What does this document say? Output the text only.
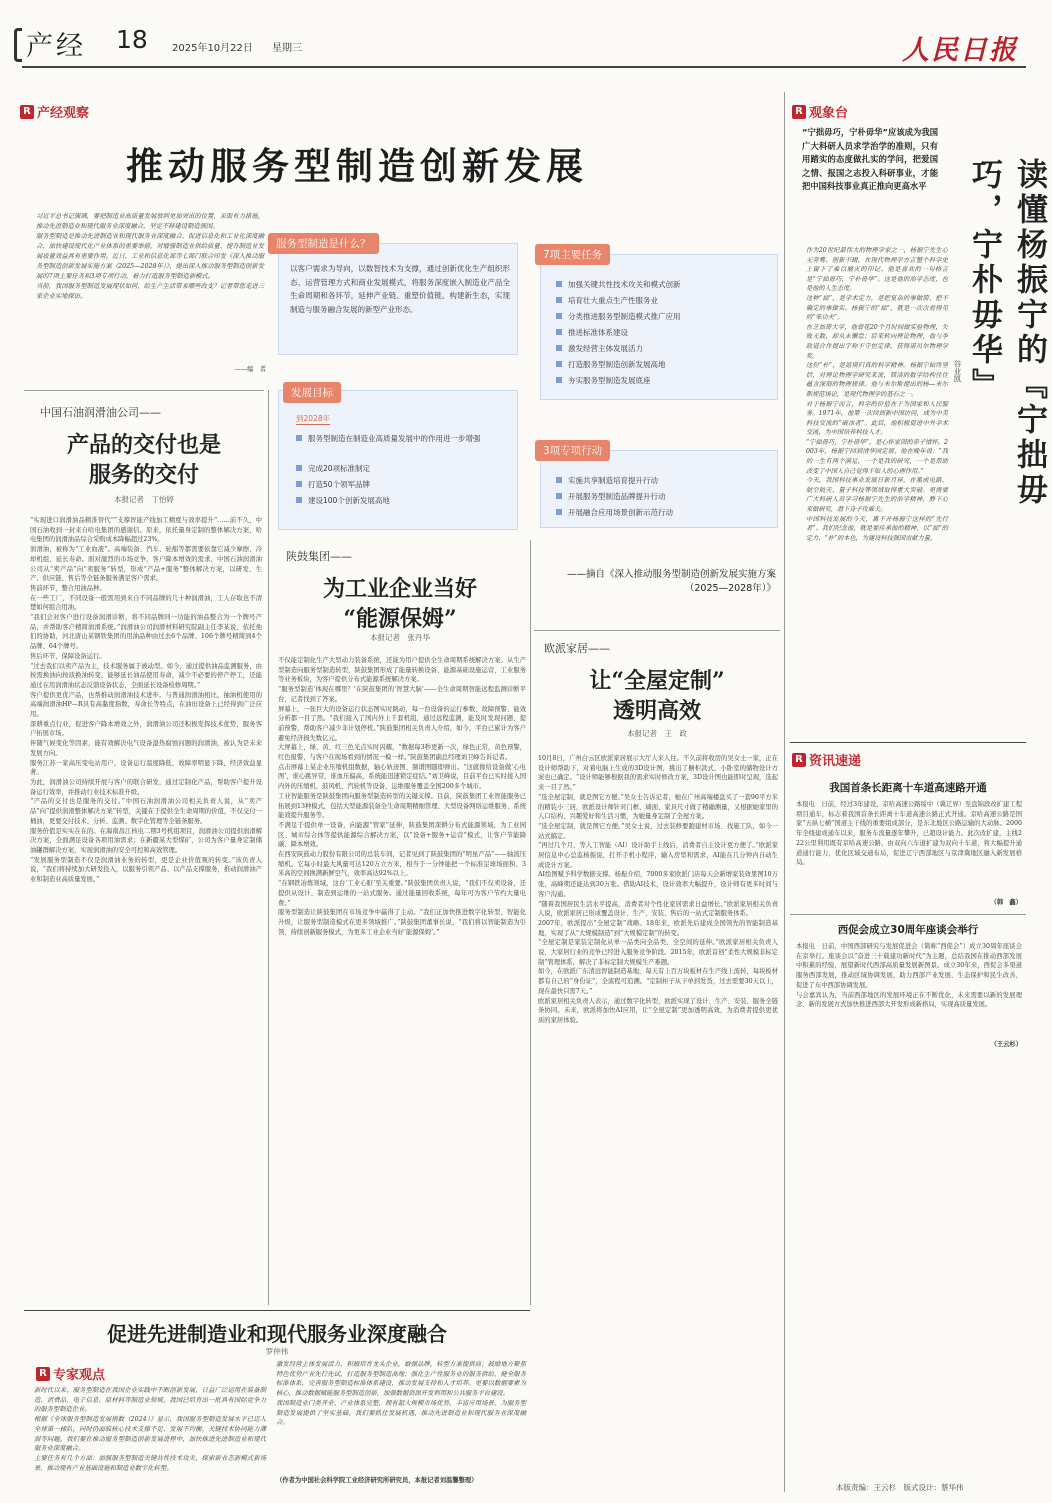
产经 18 2025年10月22日 星期三	人民日报
R 产经观察
推动服务型制造创新发展
习近平总书记强调，要把制造业高质量发展放到更加突出的位置，采取有力措施，推动先进制造业和现代服务业深度融合，坚定不移建设制造强国。
服务型制造是推动先进制造业和现代服务业深度融合、促进信息化和工业化深度融合、加快建设现代化产业体系的重要举措，对增强制造业供给质量、提升制造业发展质量效益具有重要作用。近日，工业和信息化部等七部门联合印发《深入推动服务型制造创新发展实施方案（2025—2028年）》，提出深入推动服务型制造创新发展的7项主要任务和3项专项行动，着力打造服务型制造新模式。
当前，我国服务型制造发展现状如何，给生产生活带来哪些改变？记者带您走进三家企业实地探访。
——编　者
服务型制造是什么？
以客户需求为导向，以数智技术为支撑，通过创新优化生产组织形态、运营管理方式和商业发展模式，将服务深度嵌入制造业产品全生命周期和各环节，延伸产业链、重塑价值链、构建新生态，实现制造与服务融合发展的新型产业形态。
发展目标
到2028年
服务型制造在制造业高质量发展中的作用进一步增强
完成20项标准制定
打造50个领军品牌
建设100个创新发展高地
7项主要任务
加强关键共性技术攻关和模式创新
培育壮大重点生产性服务业
分类推进服务型制造模式推广应用
推进标准体系建设
激发经营主体发展活力
打造服务型制造创新发展高地
夯实服务型制造发展底座
3项专项行动
实施共享制造培育提升行动
开展服务型制造品牌提升行动
开展融合应用场景创新示范行动
——摘自《深入推动服务型制造创新发展实施方案（2025—2028年）》
中国石油润滑油公司——
产品的交付也是
服务的交付
本报记者　丁怡婷
“实现进口润滑油品精准替代”“支撑智能产线加工精度与效率提升”……前不久，中国石油收到一封来自哈电集团的感谢信。原来，依托量身定制的整体解决方案，哈电集团的润滑油品综合采购成本降幅超过23%。
润滑油，被称为“工业血液”。高端装备、汽车、轮船等都需要依靠它减少摩擦、冷却机组、延长寿命。面对激烈的市场竞争，客户降本增效的需求，中国石油润滑油公司从“卖产品”向“卖服务”转型，形成“产品+服务”整体解决方案，以研发、生产、供应链、售后等全链条服务满足客户需求。
售前环节，整合用油品种。
在一些工厂，不同设备一般需用到来自不同品牌的几十种润滑油，工人存取也不清楚如何组合用油。
“我们会对客户进行设备润滑诊断，将不同品牌同一功能的油品整合为一个牌号产品，并帮助客户精简润滑系统。”润滑油公司润滑材料研究院副主任李某说，依托他们的协助，河北唐山某钢铁集团的用油品种由过去6个品牌、106个牌号精简到4个品牌、64个牌号。
售后环节，保障设备运行。
“过去我们以卖产品为主，技术服务属于被动型。如今，通过提供油品监测服务，由按需换油向按质换油转变，能够延长油品使用寿命，减少不必要的停产停工，还能通过在用润滑油状态反馈设备状态，全面延长设备检修周期。”
客户提供更优产品，也帮推动润滑油技术进步。与普通润滑油相比，抽油机使用的高端润滑油HP—R具有高黏度指数，寿命长等特点，在油田设备上已经得到广泛应用。
深耕重点行业，促进客户降本增效之外，润滑油公司还积极发挥技术优势，服务客户拓展市场。
伴随气候变化等因素，能有效解决电气设备湿热腐蚀问题的润滑油，被认为是未来发展方向。
服务江苏一家高压变电站用户，设备运行温度降低、故障率明显下降，经济效益显著。
为此，润滑油公司持续开展与客户的联合研发，通过定制化产品，帮助客户提升设备运行效率，并推动行业技术标准升级。
“产品的交付也是服务的交付。”中国石油润滑油公司相关负责人说，从“卖产品”向“提供润滑整体解决方案”转型，关键在于提供全生命周期的价值，不仅交付一桶油，更要交付技术、分析、监测、数字化管理等全链条服务。
服务价值是实实在在的。在海南昌江核电二期3号机组项目，润滑油公司提供润滑解决方案，全面满足设备各项用油需求；在新疆某大型煤矿，公司为客户量身定制储油罐群解决方案，实现润滑油的安全可控和高效管理。
“发展服务型制造不仅是润滑油业务的转型，更是企业价值观的转变。”该负责人说，“我们将持续加大研发投入，以服务引领产品、以产品支撑服务，推动润滑油产业和制造业高质量发展。”
陕鼓集团——
为工业企业当好
“能源保姆”
本报记者　张丹华
不仅能定制化生产大型动力装备系统，还能为用户提供全生命周期系统解决方案。从生产型制造向服务型制造转型，陕鼓集团形成了能量转换设备、能源基础设施运营、工业服务等业务板块，为客户提供分布式能源系统解决方案。
“服务型制造‘体现在哪里？’在陕鼓集团的‘智慧大脑’——全生命周期智能远程监测诊断平台，记者找到了答案。
屏幕上，一张巨大的设备运行状态图实时跳动，每一台设备的运行参数、故障预警、能效分析都一目了然。“我们接入了国内外上千套机组，通过远程监测，能及时发现问题、提前预警，帮助客户减少非计划停机。”陕鼓集团相关负责人介绍，如今，平台已累计为客户避免经济损失数亿元。
大屏幕上，绿、黄、红三色光点实时闪耀，“数据每3秒更新一次，绿色正常，黄色预警，红色报警，与客户在现场看到的情况一模一样。”陕鼓集团副总经理刘卫峰告诉记者。
点击屏幕上某企业压缩机组数据，轴心轨迹图、频谱图随即弹出。“这就像给设备做‘心电图’，谁心跳异常，谁血压偏高，系统能迅速锁定症结。”刘卫峰说，目前平台已实时接入国内外的压缩机、鼓风机、汽轮机等设备，运维服务覆盖全国200多个城市。
工业智能服务是陕鼓集团向服务型制造转型的关键支撑。目前，陕鼓集团工业智能服务已拓展到13种模式，包括大型能源装备全生命周期精细管理、大型设备网络运维服务、系统能效提升服务等。
不满足于提供单一设备，向能源“管家”延伸，陕鼓集团深耕分布式能源领域，为工业园区、城市综合体等提供能源综合解决方案，以“设备+服务+运营”模式，让客户节能降碳、降本增效。
在西安陕鼓动力股份有限公司的总装车间，记者见到了陕鼓集团的“明星产品”——轴流压缩机。它每小时最大风量可达120万立方米，相当于一分钟能把一个标准足球场面积、3米高的空间换满新鲜空气，效率高达92%以上。
“在钢铁冶炼领域，这台‘工业心脏’至关重要。”陕鼓集团负责人说，“我们不仅卖设备，还提供从设计、制造到运维的一站式服务。通过能量回收系统，每年可为客户节约大量电费。”
服务型制造让陕鼓集团在市场竞争中赢得了主动。“我们正加快推进数字化转型、智能化升级，让服务型制造模式在更多领域推广。”陕鼓集团董事长说，“我们将以智能制造为引领，持续创新服务模式，为更多工业企业当好‘能源保姆’。”
欧派家居——
让“全屋定制”
透明高效
本报记者　王　政
10月8日，广州白云区欧派家居展示大厅人来人往。不久前将收房的吴女士一家，正在设计师帮助下，对着电脑上生成的3D设计图，挑出了橱柜款式，小卧室的储物设计方案也已确定。“设计师能够根据我的需求实时修改方案，3D设计图也能即时呈现，选起来一目了然。”
“选全屋定制，就是图它方便。”吴女士告诉记者，她在广州高端楼盘买了一套90平方米的精装小三居，欧派设计师针对门框、墙面、家具尺寸做了精确测量，又根据她家里的人口结构、兴趣爱好和生活习惯，为她量身定制了全屋方案。
“选全屋定制，就是图它方便。”吴女士说，过去装修要跑建材市场、找施工队，如今一站式搞定。
“再过几个月，等人工智能（AI）设计助手上线后，消费者自主设计更方便了。”欧派家居信息中心总监杨振说，打开手机小程序，输入房型和需求，AI能在几分钟内自动生成设计方案。
AI绘图赋予科学数据支撑。杨振介绍，7000多家欧派门店每天会新增家装效果图10万张，高峰期还能达到30万张。借助AI技术，设计效率大幅提升，设计师有更多时间与客户沟通。
“随着我国居民生活水平提高，消费者对个性化家居需求日益增长。”欧派家居相关负责人说，欧派家居已形成覆盖设计、生产、安装、售后的一站式定制服务体系。
2007年，欧派提出“全屋定制”战略。18年来，欧派先后建成全国领先的智能制造基地，实现了从“大规模制造”到“大规模定制”的转变。
“全屋定制是家装定制化从单一品类向全品类、全空间的延伸。”欧派家居相关负责人说，大家居行业的竞争已经进入服务竞争阶段。2015年，欧派首创“柔性大规模非标定制”管理体系，解决了非标定制大规模生产难题。
如今，在欧派广东清远智能制造基地，每天有上百万块板材在生产线上流转，每块板材都有自己的“身份证”，全流程可追溯。“定制柜子从下单到发货，过去需要30天以上，现在最快只需7天。”
欧派家居相关负责人表示，通过数字化转型，欧派实现了设计、生产、安装、服务全链条协同。未来，欧派将加快AI应用，让“全屋定制”更加透明高效，为消费者提供更优质的家居体验。
促进先进制造业和现代服务业深度融合
罗仲伟
R 专家观点
新时代以来，服务型制造在我国企业实践中不断创新发展，日益广泛运用在装备制造、消费品、电子信息、原材料等制造业领域，我国已培育出一批具有国际竞争力的服务型制造企业。
根据《全球服务型制造发展指数（2024）》显示，我国服务型制造发展水平已迈入全球第一梯队，同时仍面临核心技术支撑不足、发展不均衡、关键技术协同能力薄弱等问题。我们要在推动服务型制造创新发展进程中，加快推进先进制造业和现代服务业深度融合。
主要任务有几个方面：加强服务型制造关键共性技术攻关，探索新业态新模式新场景，推动现有产业基础设施和制造业数字化转型。
激发经营主体发展活力，积极培育龙头企业，做强品牌，转型方案提供商；鼓励地方聚焦特色优势产业先行先试，打造服务型制造高地；强化生产性服务业的服务供给，健全服务标准体系，完善服务型制造标准体系建设，推动发展支持和人才培养。更要以数据要素为核心，推动数据赋能服务型制造创新，加强数据资源开发利用和公共服务平台建设。
我国制造业门类齐全、产业体系完整，拥有超大规模市场优势，丰富应用场景。为服务型制造发展提供了坚实基础。我们要抓住发展机遇，推动先进制造业和现代服务业深度融合。
（作者为中国社会科学院工业经济研究所研究员，本报记者刘温馨整理）
R 观象台
“宁拙毋巧，宁朴毋华”应该成为我国广大科研人员求学治学的准则，只有用踏实的态度做扎实的学问，把爱国之情、报国之志投入科研事业，才能把中国科技事业真正推向更高水平	读懂杨振宁的『宁拙毋巧，宁朴毋华』
谷业凯
作为20世纪最伟大的物理学家之一，杨振宁先生心无旁骛、创新不辍，在现代物理学方言整个科学史上留下了难以磨灭的印记。他是喜欢的一句格言是“宁拙毋巧，宁朴毋华”。这是他的治学态度，也是他的人生态度。
这种“拙”，是学术定力，是把复杂的事做简、把不确定的事做实。杨振宁的“拙”，就是一次次看得见的“笨功夫”。
在芝加哥大学，他曾花20个月时间做实验物理，失败无数，却从未懈怠；后来转向理论物理，他与李政道合作提出宇称不守恒定律，获得诺贝尔物理学奖。
这份“朴”，是返璞归真的科学精神。杨振宁始终坚信，对理论物理学研究来说，简洁的数学结构往往蕴含深刻的物理规律。他与米尔斯提出的杨—米尔斯规范场论，是现代物理学的基石之一。
对于杨振宁而言，科学的价值在于为国家和人民服务。1971年，他第一次回到新中国访问，成为中美科技交流的“破冰者”。此后，他积极促进中外学术交流，为中国培养科技人才。
“宁拙毋巧，宁朴毋华”，是心怀家国的赤子情怀。2003年，杨振宁回到清华园定居，他在晚年说：“我的一生有两个满足，一个是我的研究，一个是帮助改变了中国人自己觉得不如人的心理作用。”
今天，我国科技事业发展日新月异，在集成电路、航空航天、量子科技等领域取得重大突破。更需要广大科研人员学习杨振宁先生的治学精神，静下心来做研究，潜下身子攻难关。
中国科技发展的今天，离不开杨振宁这样的“先行者”。我们纪念他，就是要传承他的精神，以“拙”的定力、“朴”的本色，为建设科技强国贡献力量。
R 资讯速递
我国首条长距离十车道高速路开通
本报电　日前，经过3年建设，京哈高速公路绥中（冀辽界）至盘锦段改扩建工程项目通车，标志着我国首条长距离十车道高速公路正式开通。京哈高速公路是国家“五纵七横”国道主干线的重要组成部分，是东北地区公路运输的大动脉。2000年全线建成通车以来，服务车流量逐年攀升，已超设计能力。此次改扩建，主线222公里利用既有京哈高速公路，由双向六车道扩建为双向十车道，将大幅提升通道通行能力，优化区域交通布局，促进辽宁西部地区与京津冀地区融入新发展格局。
（韩　鑫）
西促会成立30周年座谈会举行
本报电　日前，中国西部研究与发展促进会（简称“西促会”）成立30周年座谈会在京举行。座谈会以“奋进三十载建功新时代”为主题，总结我国在推动西部发展中积累的经验，展望新时代西部高质量发展新图景。成立30年来，西促会多渠道服务西部发展，推动区域协调发展，助力西部产业发展、生态保护和民生改善，促进了东中西部协调发展。
与会嘉宾认为，当前西部地区的发展环境正在不断优化，未来需要以新的发展理念、新的发展方式加快推进西部大开发形成新格局，实现高质量发展。
（王云杉）
本版责编：王云杉　版式设计：蔡华伟
